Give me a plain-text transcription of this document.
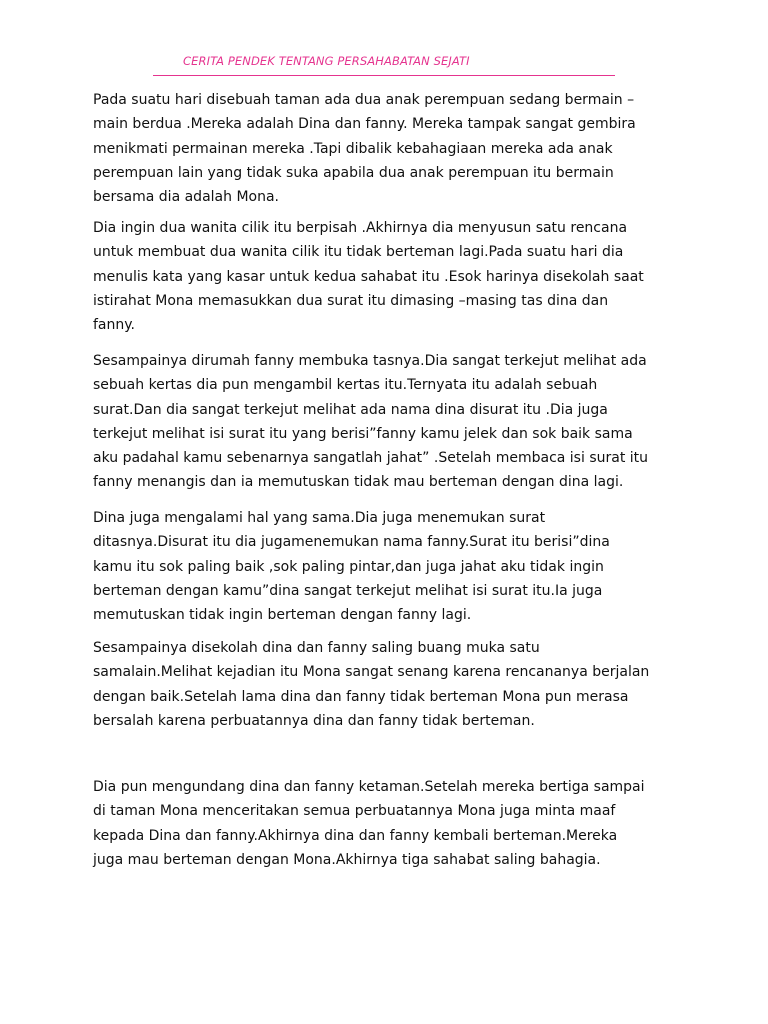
CERITA PENDEK TENTANG PERSAHABATAN SEJATI
Pada suatu hari disebuah taman ada dua anak perempuan sedang bermain –
main berdua .Mereka adalah Dina dan fanny. Mereka tampak sangat gembira
menikmati permainan mereka .Tapi dibalik kebahagiaan mereka ada anak
perempuan lain yang tidak suka apabila dua anak perempuan itu bermain
bersama dia adalah Mona.
Dia ingin dua wanita cilik itu berpisah .Akhirnya dia menyusun satu rencana
untuk membuat dua wanita cilik itu tidak berteman lagi.Pada suatu hari dia
menulis kata yang kasar untuk kedua sahabat itu .Esok harinya disekolah saat
istirahat Mona memasukkan dua surat itu dimasing –masing tas dina dan
fanny.
Sesampainya dirumah fanny membuka tasnya.Dia sangat terkejut melihat ada
sebuah kertas dia pun mengambil kertas itu.Ternyata itu adalah sebuah
surat.Dan dia sangat terkejut melihat ada nama dina disurat itu .Dia juga
terkejut melihat isi surat itu yang berisi”fanny kamu jelek dan sok baik sama
aku padahal kamu sebenarnya sangatlah jahat” .Setelah membaca isi surat itu
fanny menangis dan ia memutuskan tidak mau berteman dengan dina lagi.
Dina juga mengalami hal yang sama.Dia juga menemukan surat
ditasnya.Disurat itu dia jugamenemukan nama fanny.Surat itu berisi”dina
kamu itu sok paling baik ,sok paling pintar,dan juga jahat aku tidak ingin
berteman dengan kamu”dina sangat terkejut melihat isi surat itu.Ia juga
memutuskan tidak ingin berteman dengan fanny lagi.
Sesampainya disekolah dina dan fanny saling buang muka satu
samalain.Melihat kejadian itu Mona sangat senang karena rencananya berjalan
dengan baik.Setelah lama dina dan fanny tidak berteman Mona pun merasa
bersalah karena perbuatannya dina dan fanny tidak berteman.
Dia pun mengundang dina dan fanny ketaman.Setelah mereka bertiga sampai
di taman Mona menceritakan semua perbuatannya Mona juga minta maaf
kepada Dina dan fanny.Akhirnya dina dan fanny kembali berteman.Mereka
juga mau berteman dengan Mona.Akhirnya tiga sahabat saling bahagia.
